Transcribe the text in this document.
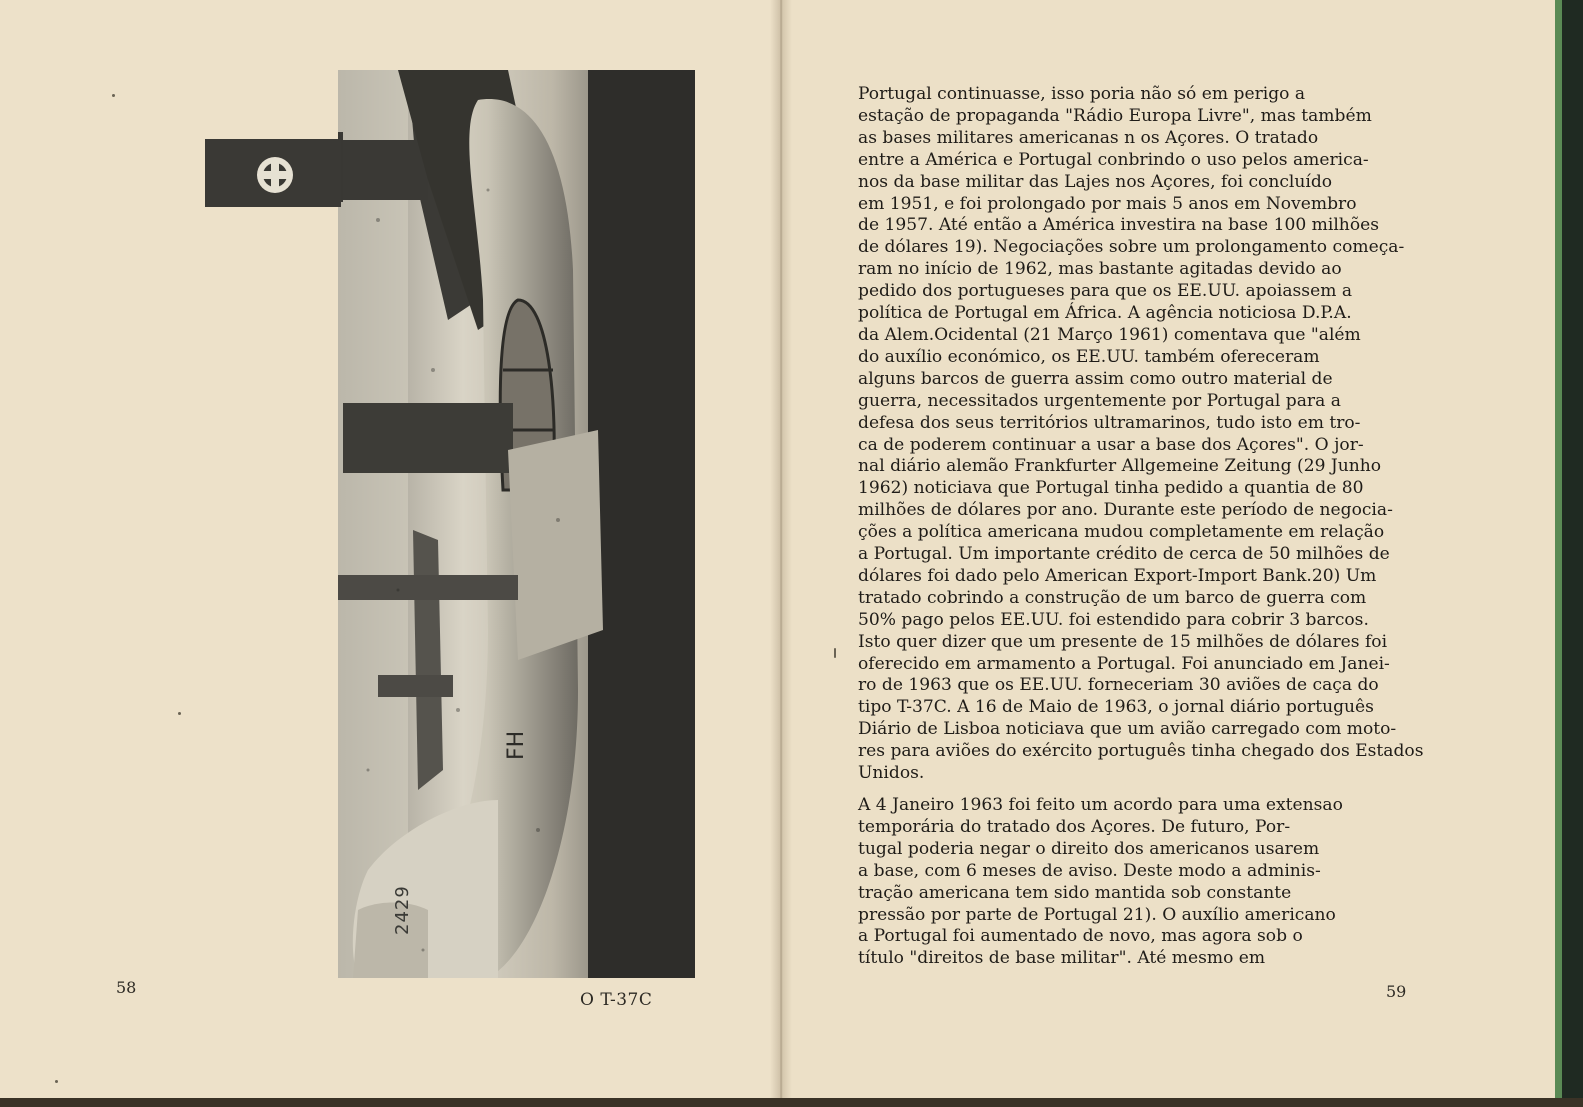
FH
2429
58
O T-37C	59
Portugal continuasse, isso poria não só em perigo a
estação de propaganda "Rádio Europa Livre", mas também
as bases militares americanas n os Açores. O tratado
entre a América e Portugal conbrindo o uso pelos america-
nos da base militar das Lajes nos Açores, foi concluído
em 1951, e foi prolongado por mais 5 anos em Novembro
de 1957. Até então a América investira na base 100 milhões
de dólares 19). Negociações sobre um prolongamento começa-
ram no início de 1962, mas bastante agitadas devido ao
pedido dos portugueses para que os EE.UU. apoiassem a
política de Portugal em África. A agência noticiosa D.P.A.
da Alem.Ocidental (21 Março 1961) comentava que "além
do auxílio económico, os EE.UU. também ofereceram
alguns barcos de guerra assim como outro material de
guerra, necessitados urgentemente por Portugal para a
defesa dos seus territórios ultramarinos, tudo isto em tro-
ca de poderem continuar a usar a base dos Açores". O jor-
nal diário alemão Frankfurter Allgemeine Zeitung (29 Junho
1962) noticiava que Portugal tinha pedido a quantia de 80
milhões de dólares por ano. Durante este período de negocia-
ções a política americana mudou completamente em relação
a Portugal. Um importante crédito de cerca de 50 milhões de
dólares foi dado pelo American Export-Import Bank.20) Um
tratado cobrindo a construção de um barco de guerra com
50% pago pelos EE.UU. foi estendido para cobrir 3 barcos.
Isto quer dizer que um presente de 15 milhões de dólares foi
oferecido em armamento a Portugal. Foi anunciado em Janei-
ro de 1963 que os EE.UU. forneceriam 30 aviões de caça do
tipo T-37C. A 16 de Maio de 1963, o jornal diário português
Diário de Lisboa noticiava que um avião carregado com moto-
res para aviões do exército português tinha chegado dos Estados
Unidos.
A 4 Janeiro 1963 foi feito um acordo para uma extensao
temporária do tratado dos Açores. De futuro, Por-
tugal poderia negar o direito dos americanos usarem
a base, com 6 meses de aviso. Deste modo a adminis-
tração americana tem sido mantida sob constante
pressão por parte de Portugal 21). O auxílio americano
a Portugal foi aumentado de novo, mas agora sob o
título "direitos de base militar". Até mesmo em
